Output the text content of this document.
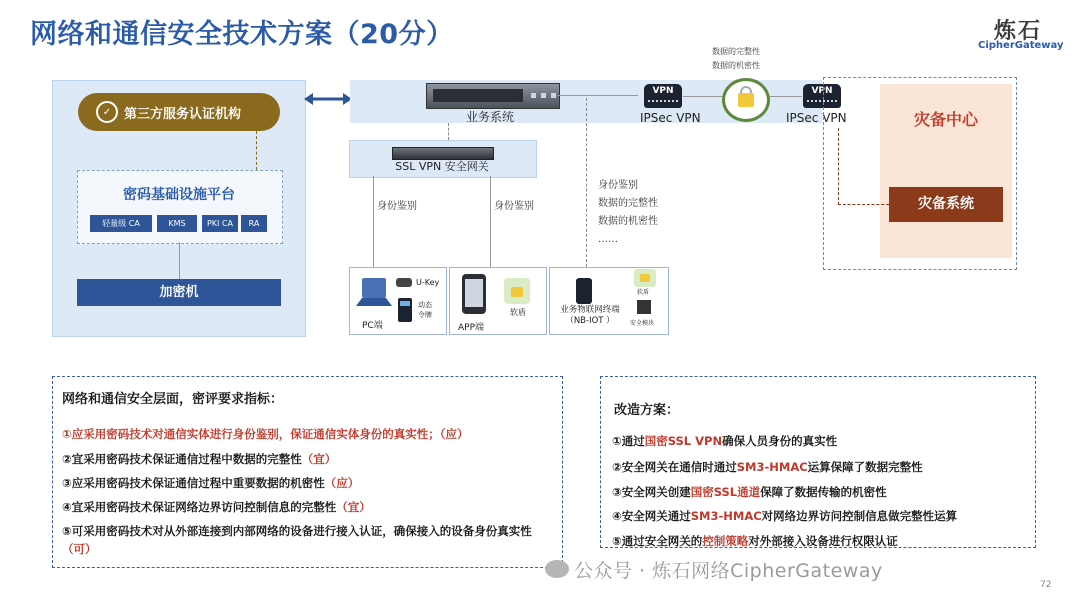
网络和通信安全技术方案（20分）	炼石
CipherGateway
✓ 第三方服务认证机构
密码基础设施平台
轻量级 CA	KMS	PKI CA	RA
加密机
业务系统
VPN
IPSec VPN
数据的完整性
数据的机密性
VPN
IPSec VPN	灾备中心
灾备系统
SSL VPN 安全网关
身份鉴别	身份鉴别
身份鉴别
数据的完整性
数据的机密性
……
PC端
U-Key
动态
令牌
APP端
软盾	业务物联网终端
（NB-IOT ）
软盾
安全模块
网络和通信安全层面，密评要求指标：
①应采用密码技术对通信实体进行身份鉴别，保证通信实体身份的真实性；（应）
②宜采用密码技术保证通信过程中数据的完整性（宜）
③应采用密码技术保证通信过程中重要数据的机密性（应）
④宜采用密码技术保证网络边界访问控制信息的完整性（宜）
⑤可采用密码技术对从外部连接到内部网络的设备进行接入认证，确保接入的设备身份真实性（可）
改造方案：
①通过国密SSL VPN确保人员身份的真实性
②安全网关在通信时通过SM3-HMAC运算保障了数据完整性
③安全网关创建国密SSL通道保障了数据传输的机密性
④安全网关通过SM3-HMAC对网络边界访问控制信息做完整性运算
⑤通过安全网关的控制策略对外部接入设备进行权限认证
公众号 · 炼石网络CipherGateway
72
